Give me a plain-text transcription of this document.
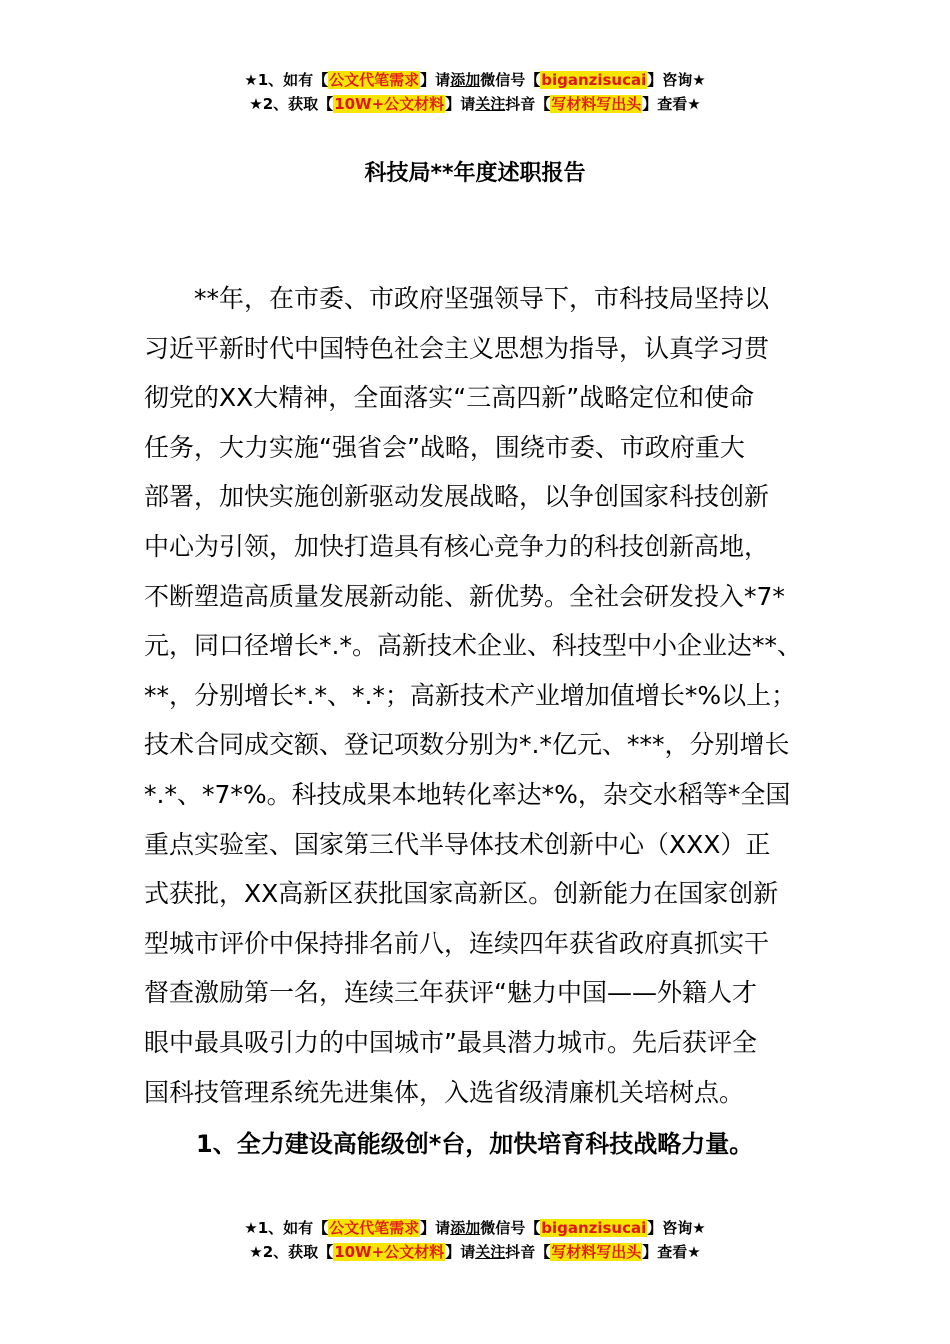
★1、如有【公文代笔需求】请添加微信号【biganzisucai】咨询★
★2、获取【10W+公文材料】请关注抖音【写材料写出头】查看★
科技局**年度述职报告

　　**年，在市委、市政府坚强领导下，市科技局坚持以
习近平新时代中国特色社会主义思想为指导，认真学习贯
彻党的XX大精神，全面落实“三高四新”战略定位和使命
任务，大力实施“强省会”战略，围绕市委、市政府重大
部署，加快实施创新驱动发展战略，以争创国家科技创新
中心为引领，加快打造具有核心竞争力的科技创新高地，
不断塑造高质量发展新动能、新优势。全社会研发投入*7*
元，同口径增长*.*。高新技术企业、科技型中小企业达**、
**，分别增长*.*、*.*；高新技术产业增加值增长*%以上；
技术合同成交额、登记项数分别为*.*亿元、***，分别增长
*.*、*7*%。科技成果本地转化率达*%，杂交水稻等*全国
重点实验室、国家第三代半导体技术创新中心（XXX）正
式获批，XX高新区获批国家高新区。创新能力在国家创新
型城市评价中保持排名前八，连续四年获省政府真抓实干
督查激励第一名，连续三年获评“魅力中国——外籍人才
眼中最具吸引力的中国城市”最具潜力城市。先后获评全
国科技管理系统先进集体，入选省级清廉机关培树点。

1、全力建设高能级创*台，加快培育科技战略力量。
★1、如有【公文代笔需求】请添加微信号【biganzisucai】咨询★
★2、获取【10W+公文材料】请关注抖音【写材料写出头】查看★
